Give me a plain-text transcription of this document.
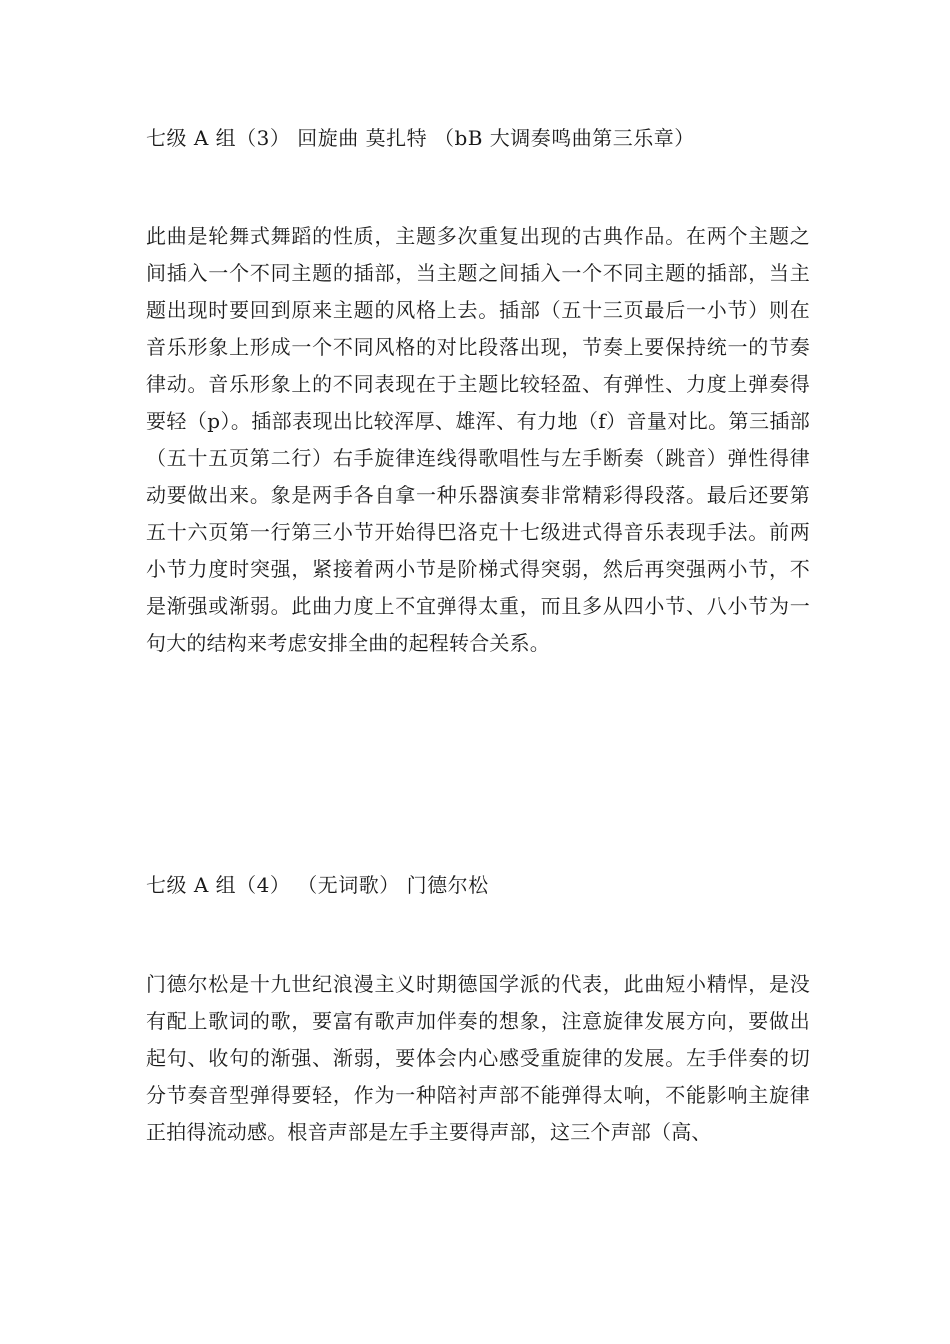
七级 A 组（3） 回旋曲 莫扎特 （bB 大调奏鸣曲第三乐章）
此曲是轮舞式舞蹈的性质，主题多次重复出现的古典作品。在两个主题之间插入一个不同主题的插部，当主题之间插入一个不同主题的插部，当主题出现时要回到原来主题的风格上去。插部（五十三页最后一小节）则在音乐形象上形成一个不同风格的对比段落出现，节奏上要保持统一的节奏律动。音乐形象上的不同表现在于主题比较轻盈、有弹性、力度上弹奏得要轻（p）。插部表现出比较浑厚、雄浑、有力地（f）音量对比。第三插部（五十五页第二行）右手旋律连线得歌唱性与左手断奏（跳音）弹性得律动要做出来。象是两手各自拿一种乐器演奏非常精彩得段落。最后还要第五十六页第一行第三小节开始得巴洛克十七级进式得音乐表现手法。前两小节力度时突强，紧接着两小节是阶梯式得突弱，然后再突强两小节，不是渐强或渐弱。此曲力度上不宜弹得太重，而且多从四小节、八小节为一句大的结构来考虑安排全曲的起程转合关系。
七级 A 组（4） （无词歌） 门德尔松
门德尔松是十九世纪浪漫主义时期德国学派的代表，此曲短小精悍，是没有配上歌词的歌，要富有歌声加伴奏的想象，注意旋律发展方向，要做出起句、收句的渐强、渐弱，要体会内心感受重旋律的发展。左手伴奏的切分节奏音型弹得要轻，作为一种陪衬声部不能弹得太响，不能影响主旋律正拍得流动感。根音声部是左手主要得声部，这三个声部（高、
